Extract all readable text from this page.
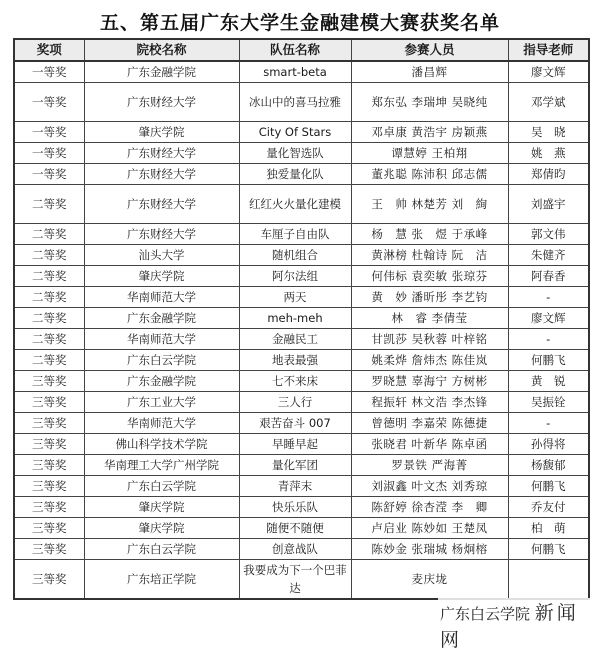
五、第五届广东大学生金融建模大赛获奖名单
奖项	院校名称	队伍名称	参赛人员	指导老师
一等奖	广东金融学院	smart-beta	潘昌辉	廖文辉
一等奖	广东财经大学	冰山中的喜马拉雅	郑东弘 李瑞坤 吴晓纯	邓学斌
一等奖	肇庆学院	City Of Stars	邓卓康 黄浩宇 房颖燕	吴　晓
一等奖	广东财经大学	量化智选队	谭慧婷 王柏翔	姚　燕
一等奖	广东财经大学	独爱量化队	董兆聪 陈沛积 邱志儒	郑倩昀
二等奖	广东财经大学	红红火火量化建模	王　帅 林楚芳 刘　絢	刘盛宇
二等奖	广东财经大学	车厘子自由队	杨　慧 张　煜 于承峰	郭文伟
二等奖	汕头大学	随机组合	黄淋榜 杜翰诗 阮　洁	朱健齐
二等奖	肇庆学院	阿尔法组	何伟标 袁奕敏 张琼芬	阿春香
二等奖	华南师范大学	两天	黄　妙 潘昕彤 李艺钧	-
二等奖	广东金融学院	meh-meh	林　睿 李倩莹	廖文辉
二等奖	华南师范大学	金融民工	甘凯莎 吴秋蓉 叶梓铭	-
二等奖	广东白云学院	地表最强	姚柔烨 詹炜杰 陈佳岚	何鹏飞
三等奖	广东金融学院	七不来床	罗晓慧 辜海宁 方树彬	黄　锐
三等奖	广东工业大学	三人行	程振轩 林文浩 李杰锋	吴振铨
三等奖	华南师范大学	艰苦奋斗 007	曾德明 李嘉荣 陈德捷	-
三等奖	佛山科学技术学院	早睡早起	张晓君 叶新华 陈卓函	孙得将
三等奖	华南理工大学广州学院	量化军团	罗景铁 严海菁	杨馥郁
三等奖	广东白云学院	青萍末	刘淑鑫 叶文杰 刘秀琼	何鹏飞
三等奖	肇庆学院	快乐乐队	陈舒婷 徐杏滢 李　卿	乔友付
三等奖	肇庆学院	随便不随便	卢启业 陈妙如 王楚凤	柏　萌
三等奖	广东白云学院	创意战队	陈妙金 张瑞城 杨炯榕	何鹏飞
三等奖	广东培正学院	我要成为下一个巴菲达	麦庆垅	
广东白云学院 新闻网
